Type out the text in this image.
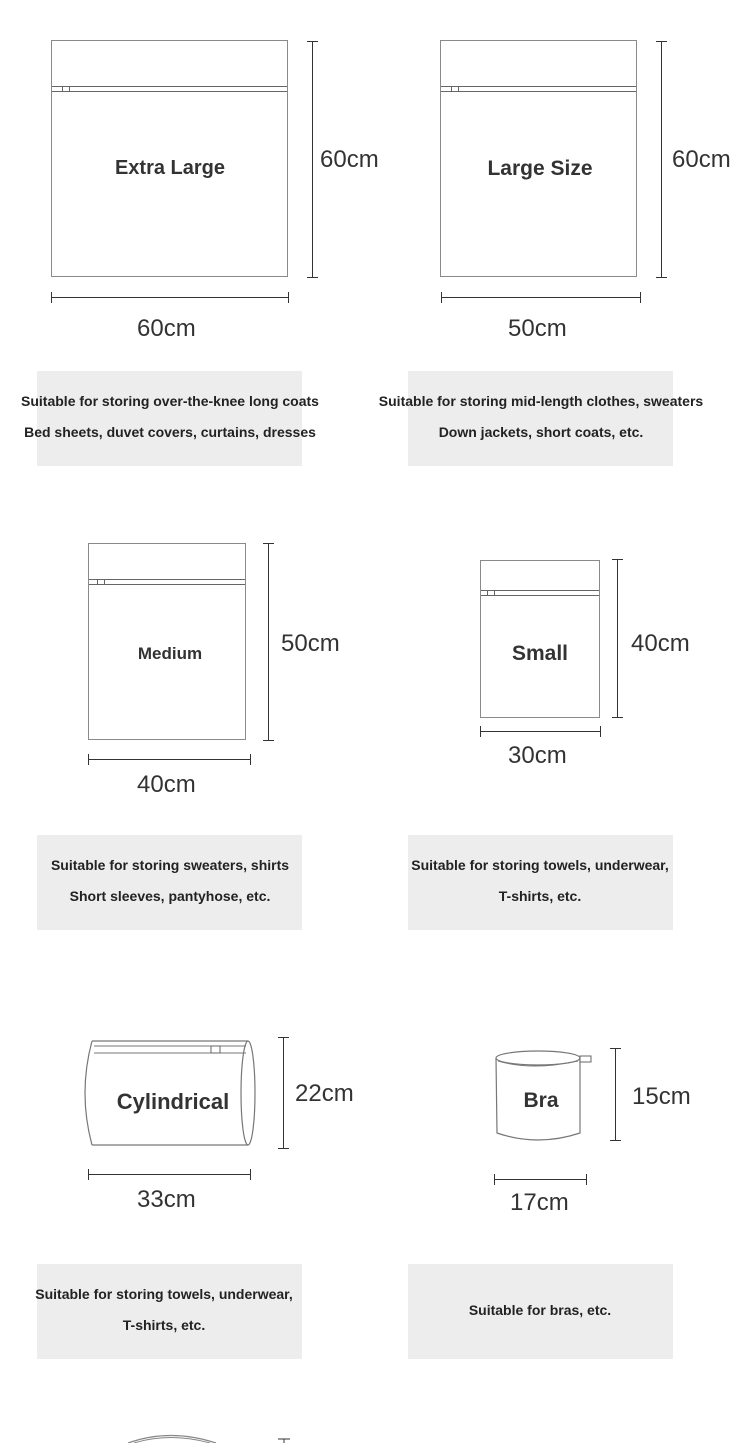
Extra Large	60cm
60cm
Suitable for storing over-the-knee long coats
Bed sheets, duvet covers, curtains, dresses
Large Size	60cm
50cm
Suitable for storing mid-length clothes, sweaters
Down jackets, short coats, etc.
Medium	50cm
40cm
Suitable for storing sweaters, shirts
Short sleeves, pantyhose, etc.
Small	40cm
30cm
Suitable for storing towels, underwear,
T-shirts, etc.
Cylindrical	22cm
33cm
Suitable for storing towels, underwear,
T-shirts, etc.
Bra	15cm
17cm
Suitable for bras, etc.
